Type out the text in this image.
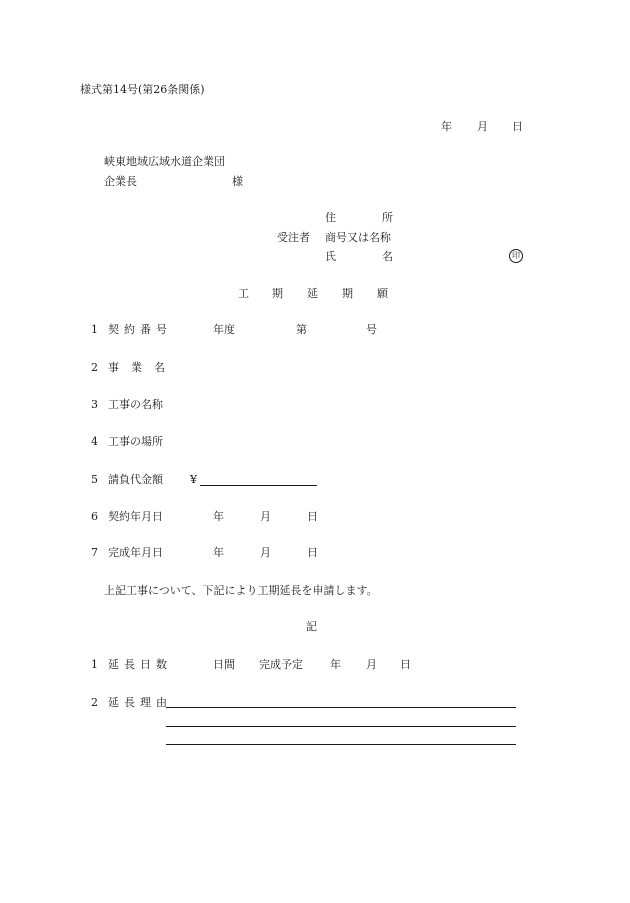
様式第14号(第26条関係)
年 月 日
峡東地域広域水道企業団
企業長	様
住	所
受注者 商号又は名称
氏	名	印
工 期 延 期 願
1 契 約 番 号	年度	第	号
2 事 業 名
3 工事の名称
4 工事の場所
5 請負代金額 ¥
6 契約年月日	年	月	日
7 完成年月日	年	月	日
上記工事について、下記により工期延長を申請します。
記
1 延 長 日 数	日間 完成予定 年 月 日
2 延 長 理 由
